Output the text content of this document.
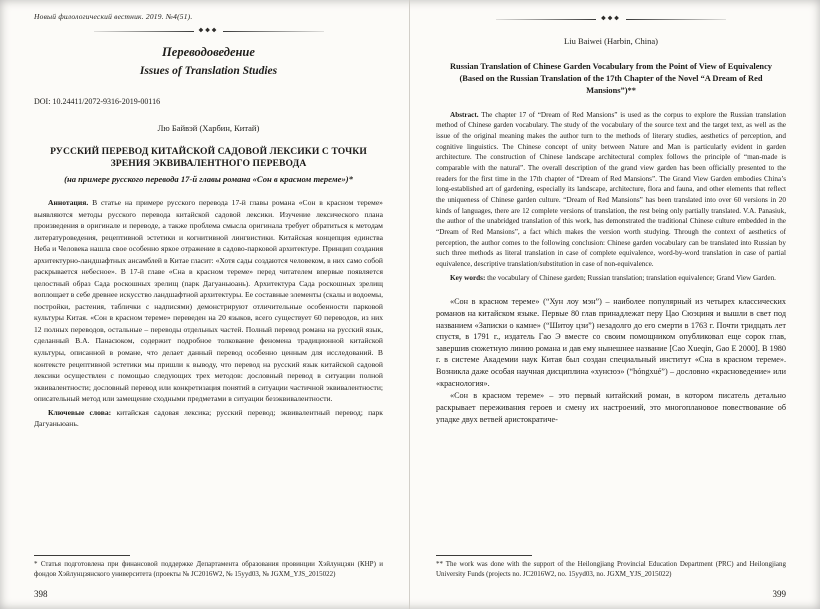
Новый филологический вестник. 2019. №4(51).
◆◆◆
Переводоведение
Issues of Translation Studies
DOI: 10.24411/2072-9316-2019-00116
Лю Байвэй (Харбин, Китай)
РУССКИЙ ПЕРЕВОД КИТАЙСКОЙ САДОВОЙ ЛЕКСИКИ С ТОЧКИ ЗРЕНИЯ ЭКВИВАЛЕНТНОГО ПЕРЕВОДА
(на примере русского перевода 17-й главы романа «Сон в красном тереме»)*

Аннотация. В статье на примере русского перевода 17-й главы романа «Сон в красном тереме» выявляются методы русского перевода китайской садовой лексики. Изучение лексического плана произведения в оригинале и переводе, а также проблема смысла оригинала требует обратиться к методам литературоведения, рецептивной эстетики и когнитивной лингвистики. Китайская концепция единства Неба и Человека нашла свое особенно яркое отражение в садово-парковой архитектуре. Принцип создания архитектурно-ландшафтных ансамблей в Китае гласит: «Хотя сады создаются человеком, в них само собой раскрывается небесное». В 17-й главе «Сна в красном тереме» перед читателем впервые появляется целостный образ Сада роскошных зрелищ (парк Дагуаньюань). Архитектура Сада роскошных зрелищ воплощает в себе древнее искусство ландшафтной архитектуры. Ее составные элементы (скалы и водоемы, постройки, растения, таблички с надписями) демонстрируют отличительные особенности парковой культуры Китая. «Сон в красном тереме» переведен на 20 языков, всего существует 60 переводов, из них 12 полных переводов, остальные – переводы отдельных частей. Полный перевод романа на русский язык, сделанный В.А. Панасюком, содержит подробное толкование феномена традиционной китайской культуры, описанной в романе, что делает данный перевод особенно ценным для исследований. В контексте рецептивной эстетики мы пришли к выводу, что перевод на русский язык китайской садовой лексики осуществлен с помощью следующих трех методов: дословный перевод в ситуации полной эквивалентности; дословный перевод или конкретизация понятий в ситуации частичной эквивалентности; описательный метод или замещение сходными предметами в ситуации безэквивалентности.

Ключевые слова: китайская садовая лексика; русский перевод; эквивалентный перевод; парк Дагуаньюань.

* Статья подготовлена при финансовой поддержке Департамента образования провинции Хэйлунцзян (КНР) и фондов Хэйлунцзянского университета (проекты № JC2016W2, № 15yyd03, № JGXM_YJS_2015022)
398
◆◆◆
Liu Baiwei (Harbin, China)
Russian Translation of Chinese Garden Vocabulary from the Point of View of Equivalency (Based on the Russian Translation of the 17th Chapter of the Novel “A Dream of Red Mansions”)**

Abstract. The chapter 17 of “Dream of Red Mansions” is used as the corpus to explore the Russian translation method of Chinese garden vocabulary. The study of the vocabulary of the source text and the target text, as well as the issue of the original meaning makes the author turn to the methods of literary studies, aesthetics of perception, and cognitive linguistics. The Chinese concept of unity between Nature and Man is particularly evident in garden architecture. The construction of Chinese landscape architectural complex follows the principle of “man-made is comparable with the natural”. The overall description of the grand view garden has been officially presented to the readers for the first time in the 17th chapter of “Dream of Red Mansions”. The Grand View Garden embodies China’s long-established art of gardening, especially its landscape, architecture, flora and fauna, and other elements that reflect the uniqueness of Chinese garden culture. “Dream of Red Mansions” has been translated into over 60 versions in 20 kinds of languages, there are 12 complete versions of translation, the rest being only partially translated. V.A. Panasiuk, the author of the unabridged translation of this work, has demonstrated the traditional Chinese culture embedded in the “Dream of Red Mansions”, a fact which makes the version worth studying. Through the context of aesthetics of perception, the author comes to the following conclusion: Chinese garden vocabulary can be translated into Russian by such three methods as literal translation in case of complete equivalence, word-by-word translation in case of partial equivalence, descriptive translation/substitution in case of non-equivalence.

Key words: the vocabulary of Chinese garden; Russian translation; translation equivalence; Grand View Garden.

«Сон в красном тереме» (“Хун лоу мэн”) – наиболее популярный из четырех классических романов на китайском языке. Первые 80 глав принадлежат перу Цао Сюэциня и вышли в свет под названием «Записки о камне» (“Шитоу цзи”) незадолго до его смерти в 1763 г. Почти тридцать лет спустя, в 1791 г., издатель Гао Э вместе со своим помощником опубликовал еще сорок глав, завершив сюжетную линию романа и дав ему нынешнее название [Cao Xueqin, Gao E 2000]. В 1980 г. в системе Академии наук Китая был создан специальный институт «Сна в красном тереме». Возникла даже особая научная дисциплина «хунсюэ» (“hóngxué”) – дословно «красноведение» или «краснология».

«Сон в красном тереме» – это первый китайский роман, в котором писатель детально раскрывает переживания героев и смену их настроений, это многоплановое повествование об упадке двух ветвей аристократиче-

** The work was done with the support of the Heilongjiang Provincial Education Department (PRC) and Heilongjiang University Funds (projects no. JC2016W2, no. 15yyd03, no. JGXM_YJS_2015022)
399
